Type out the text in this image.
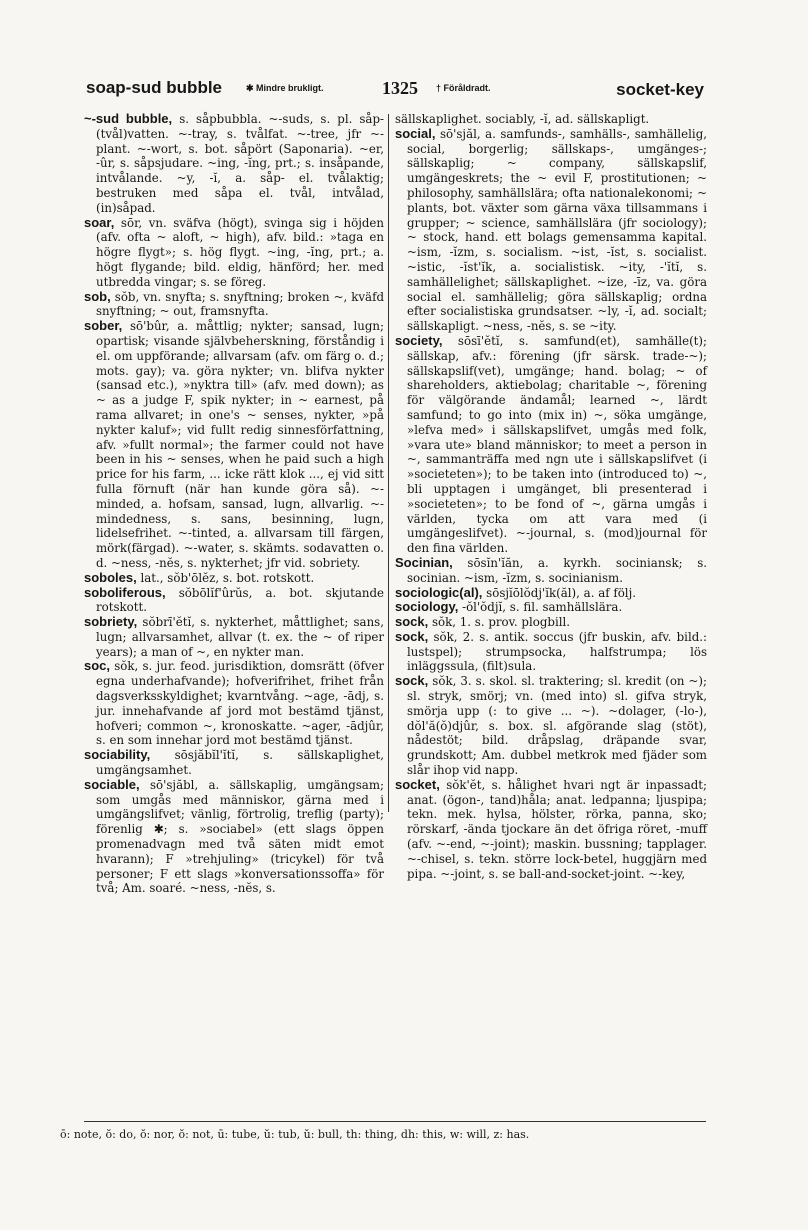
soap-sud bubble	✱ Mindre brukligt.	1325 † Föråldradt.	socket-key
~-sud bubble, s. såpbubbla. ~-suds, s. pl. såp-(tvål)vatten. ~-tray, s. tvålfat. ~-tree, jfr ~-plant. ~-wort, s. bot. såpört (Saponaria). ~er, -ûr, s. såpsjudare. ~ing, -ĭng, prt.; s. insåpande, intvålande. ~y, -ĭ, a. såp- el. tvålaktig; bestruken med såpa el. tvål, intvålad, (in)såpad.
soar, sōr, vn. sväfva (högt), svinga sig i höjden (afv. ofta ~ aloft, ~ high), afv. bild.: »taga en högre flygt»; s. hög flygt. ~ing, -ĭng, prt.; a. högt flygande; bild. eldig, hänförd; her. med utbredda vingar; s. se föreg.
sob, sŏb, vn. snyfta; s. snyftning; broken ~, kväfd snyftning; ~ out, framsnyfta.
sober, sō'bûr, a. måttlig; nykter; sansad, lugn; opartisk; visande självbeherskning, förståndig i el. om uppförande; allvarsam (afv. om färg o. d.; mots. gay); va. göra nykter; vn. blifva nykter (sansad etc.), »nyktra till» (afv. med down); as ~ as a judge F, spik nykter; in ~ earnest, på rama allvaret; in one's ~ senses, nykter, »på nykter kaluf»; vid fullt redig sinnesförfattning, afv. »fullt normal»; the farmer could not have been in his ~ senses, when he paid such a high price for his farm, ... icke rätt klok ..., ej vid sitt fulla förnuft (när han kunde göra så). ~-minded, a. hofsam, sansad, lugn, allvarlig. ~-mindedness, s. sans, besinning, lugn, lidelsefrihet. ~-tinted, a. allvarsam till färgen, mörk(färgad). ~-water, s. skämts. sodavatten o. d. ~ness, -nĕs, s. nykterhet; jfr vid. sobriety.
soboles, lat., sŏb'ōlĕz, s. bot. rotskott.
soboliferous, sŏbōlĭf'ûrŭs, a. bot. skjutande rotskott.
sobriety, sŏbrī'ĕtĭ, s. nykterhet, måttlighet; sans, lugn; allvarsamhet, allvar (t. ex. the ~ of riper years); a man of ~, en nykter man.
soc, sŏk, s. jur. feod. jurisdiktion, domsrätt (öfver egna underhafvande); hofverifrihet, frihet från dagsverksskyldighet; kvarntvång. ~age, -ādj, s. jur. innehafvande af jord mot bestämd tjänst, hofveri; common ~, kronoskatte. ~ager, -ādjûr, s. en som innehar jord mot bestämd tjänst.
sociability, sōsjăbĭl'ĭtĭ, s. sällskaplighet, umgängsamhet.
sociable, sō'sjăbl, a. sällskaplig, umgängsam; som umgås med människor, gärna med i umgängslifvet; vänlig, förtrolig, treflig (party); förenlig ✱; s. »sociabel» (ett slags öppen promenadvagn med två säten midt emot hvarann); F »trehjuling» (tricykel) för två personer; F ett slags »konversationssoffa» för två; Am. soaré. ~ness, -nĕs, s.
sällskaplighet. sociably, -ĭ, ad. sällskapligt.
social, sō'sjăl, a. samfunds-, samhälls-, samhällelig, social, borgerlig; sällskaps-, umgänges-; sällskaplig; ~ company, sällskapslif, umgängeskrets; the ~ evil F, prostitutionen; ~ philosophy, samhällslära; ofta nationalekonomi; ~ plants, bot. växter som gärna växa tillsammans i grupper; ~ science, samhällslära (jfr sociology); ~ stock, hand. ett bolags gemensamma kapital. ~ism, -ĭzm, s. socialism. ~ist, -ĭst, s. socialist. ~istic, -ĭst'ĭk, a. socialistisk. ~ity, -'ĭtĭ, s. samhällelighet; sällskaplighet. ~ize, -īz, va. göra social el. samhällelig; göra sällskaplig; ordna efter socialistiska grundsatser. ~ly, -ĭ, ad. socialt; sällskapligt. ~ness, -nĕs, s. se ~ity.
society, sōsī'ĕtĭ, s. samfund(et), samhälle(t); sällskap, afv.: förening (jfr särsk. trade-~); sällskapslif(vet), umgänge; hand. bolag; ~ of shareholders, aktiebolag; charitable ~, förening för välgörande ändamål; learned ~, lärdt samfund; to go into (mix in) ~, söka umgänge, »lefva med» i sällskapslifvet, umgås med folk, »vara ute» bland människor; to meet a person in ~, sammanträffa med ngn ute i sällskapslifvet (i »societeten»); to be taken into (introduced to) ~, bli upptagen i umgänget, bli presenterad i »societeten»; to be fond of ~, gärna umgås i världen, tycka om att vara med (i umgängeslifvet). ~-journal, s. (mod)journal för den fina världen.
Socinian, sōsĭn'ĭăn, a. kyrkh. sociniansk; s. socinian. ~ism, -ĭzm, s. socinianism.
sociologic(al), sōsjĭōlŏdj'ĭk(ăl), a. af följ.
sociology, -ŏl'ŏdjĭ, s. fil. samhällslära.
sock, sŏk, 1. s. prov. plogbill.
sock, sŏk, 2. s. antik. soccus (jfr buskin, afv. bild.: lustspel); strumpsocka, halfstrumpa; lös inläggssula, (filt)sula.
sock, sŏk, 3. s. skol. sl. traktering; sl. kredit (on ~); sl. stryk, smörj; vn. (med into) sl. gifva stryk, smörja upp (: to give ... ~). ~dolager, (-lo-), dŏl'ă(ŏ)djûr, s. box. sl. afgörande slag (stöt), nådestöt; bild. dråpslag, dräpande svar, grundskott; Am. dubbel metkrok med fjäder som slår ihop vid napp.
socket, sŏk'ĕt, s. hålighet hvari ngt är inpassadt; anat. (ögon-, tand)håla; anat. ledpanna; ljuspipa; tekn. mek. hylsa, hölster, rörka, panna, sko; rörskarf, -ända tjockare än det öfriga röret, -muff (afv. ~-end, ~-joint); maskin. bussning; tapplager. ~-chisel, s. tekn. större lock-betel, huggjärn med pipa. ~-joint, s. se ball-and-socket-joint. ~-key,
ō: note, ŏ: do, ŏ: nor, ŏ: not, ū: tube, ŭ: tub, ŭ: bull, th: thing, dh: this, w: will, z: has.
